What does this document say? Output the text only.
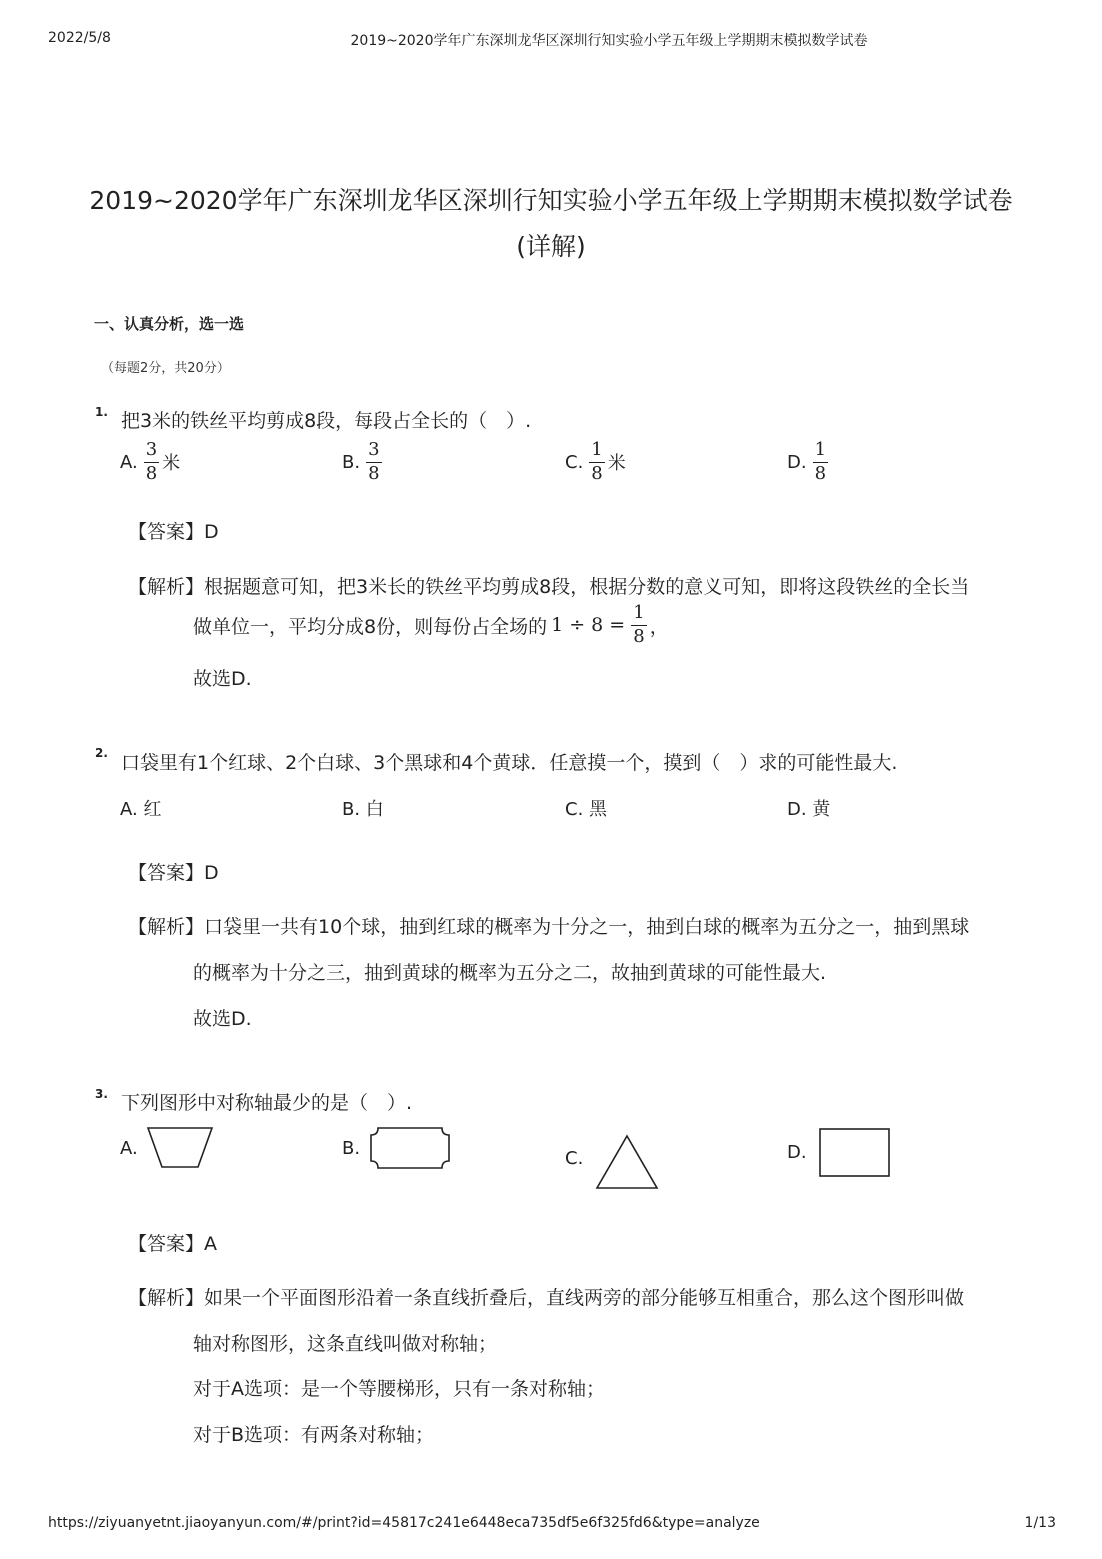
2022/5/8	2019~2020学年广东深圳龙华区深圳行知实验小学五年级上学期期末模拟数学试卷
2019~2020学年广东深圳龙华区深圳行知实验小学五年级上学期期末模拟数学试卷
(详解)
一、认真分析，选一选
（每题2分，共20分）
1. 把3米的铁丝平均剪成8段，每段占全长的（　）.
A. $\frac{3}{8}$ 米	B. $\frac{3}{8}$	C. $\frac{1}{8}$ 米	D. $\frac{1}{8}$
【答案】D
【解析】根据题意可知，把3米长的铁丝平均剪成8段，根据分数的意义可知，即将这段铁丝的全长当
做单位一，平均分成8份，则每份占全场的 $1 \div 8 = \frac{1}{8}$ ，
故选D.
2. 口袋里有1个红球、2个白球、3个黑球和4个黄球．任意摸一个，摸到（　）求的可能性最大.
A. 红	B. 白	C. 黑	D. 黄
【答案】D
【解析】口袋里一共有10个球，抽到红球的概率为十分之一，抽到白球的概率为五分之一，抽到黑球
的概率为十分之三，抽到黄球的概率为五分之二，故抽到黄球的可能性最大.
故选D.
3. 下列图形中对称轴最少的是（　）.
A.	B.	C.	D.
【答案】A
【解析】如果一个平面图形沿着一条直线折叠后，直线两旁的部分能够互相重合，那么这个图形叫做
轴对称图形，这条直线叫做对称轴；
对于A选项：是一个等腰梯形，只有一条对称轴；
对于B选项：有两条对称轴；
https://ziyuanyetnt.jiaoyanyun.com/#/print?id=45817c241e6448eca735df5e6f325fd6&type=analyze	1/13
